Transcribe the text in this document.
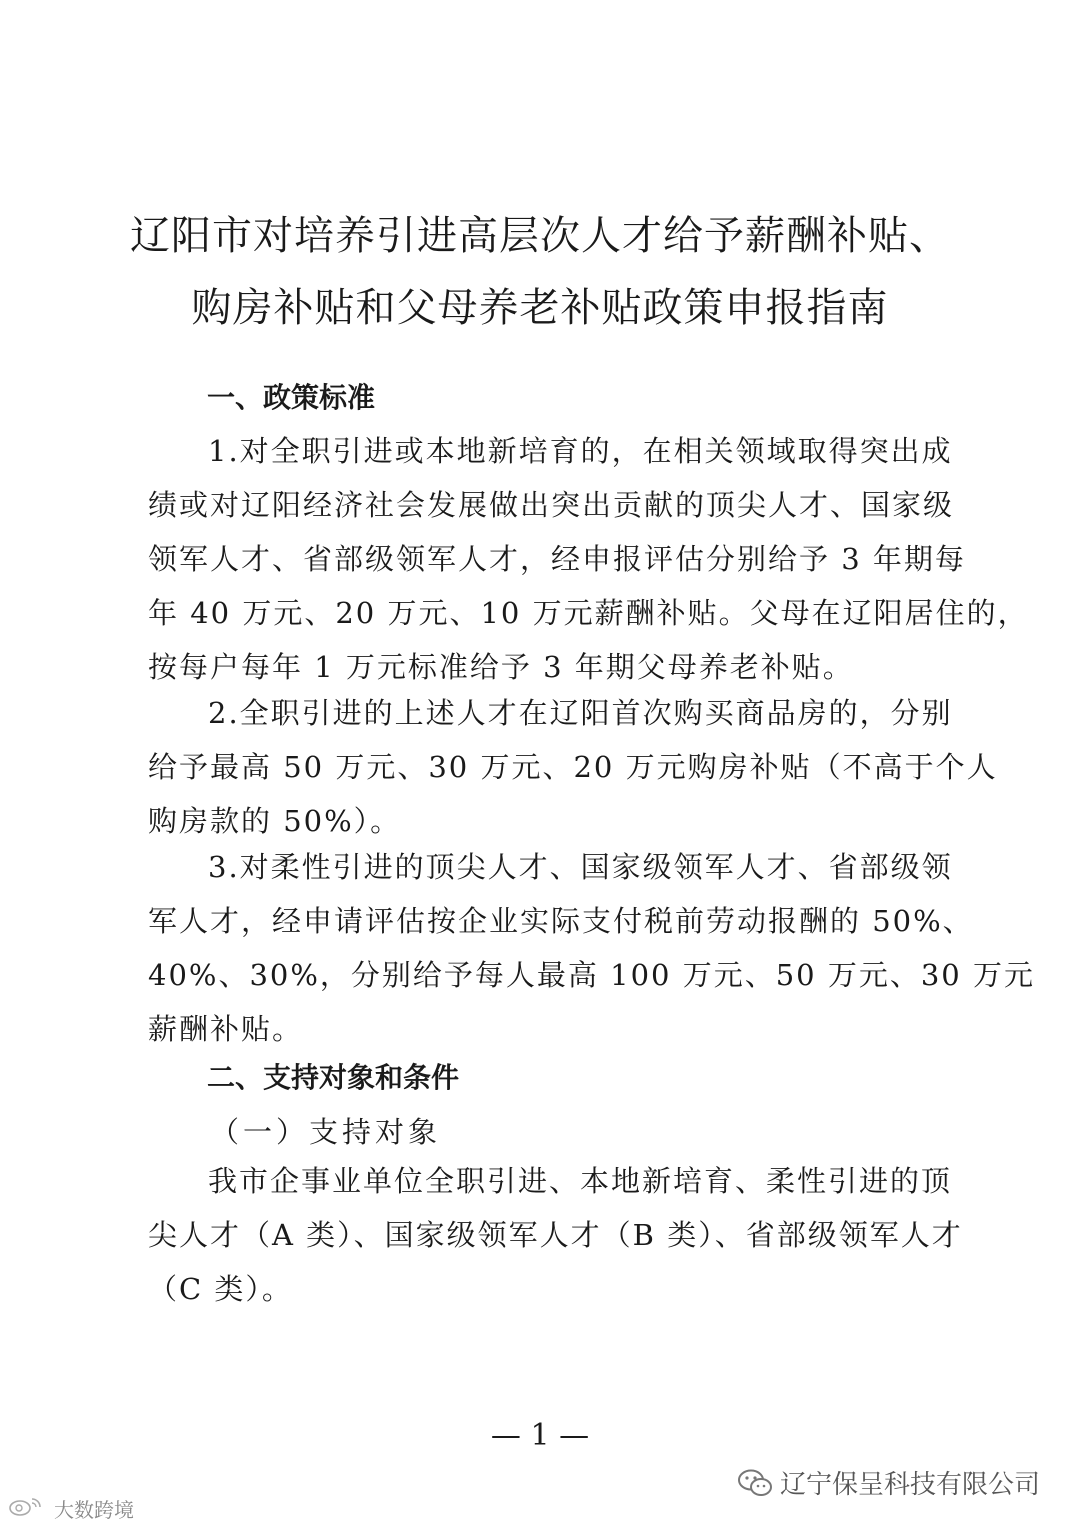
辽阳市对培养引进高层次人才给予薪酬补贴、
购房补贴和父母养老补贴政策申报指南
一、政策标准
1.对全职引进或本地新培育的，在相关领域取得突出成
绩或对辽阳经济社会发展做出突出贡献的顶尖人才、国家级
领军人才、省部级领军人才，经申报评估分别给予 3 年期每
年 40 万元、20 万元、10 万元薪酬补贴。父母在辽阳居住的，
按每户每年 1 万元标准给予 3 年期父母养老补贴。
2.全职引进的上述人才在辽阳首次购买商品房的，分别
给予最高 50 万元、30 万元、20 万元购房补贴（不高于个人
购房款的 50%）。
3.对柔性引进的顶尖人才、国家级领军人才、省部级领
军人才，经申请评估按企业实际支付税前劳动报酬的 50%、
40%、30%，分别给予每人最高 100 万元、50 万元、30 万元
薪酬补贴。
二、支持对象和条件
（一）支持对象
我市企事业单位全职引进、本地新培育、柔性引进的顶
尖人才（A 类）、国家级领军人才（B 类）、省部级领军人才
（C 类）。
— 1 —
辽宁保呈科技有限公司
大数跨境
